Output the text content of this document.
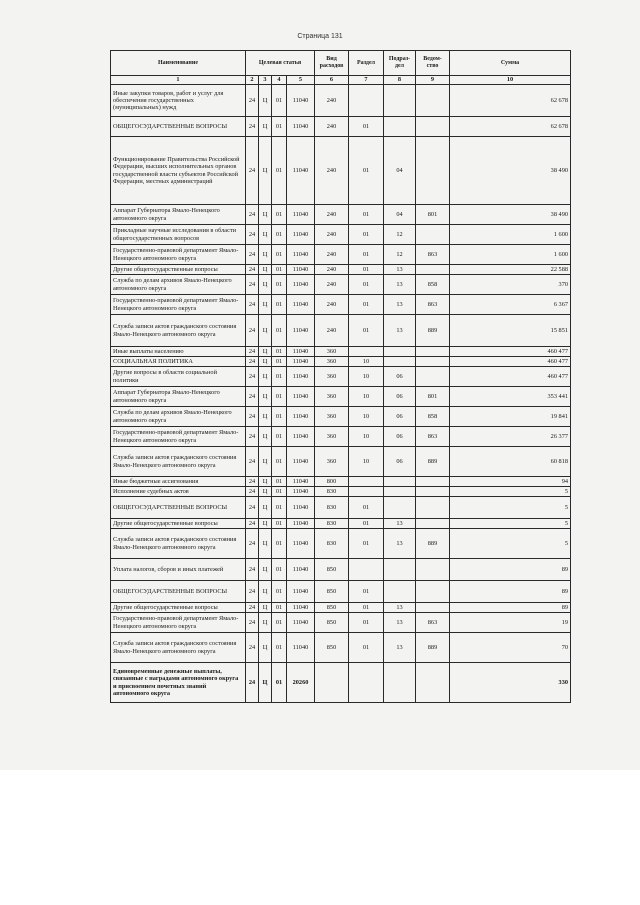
Страница 131
Наименование	Целевая статья				Вид расходов	Раздел	Подраз-дел	Ведом-ство	Сумма
1	2	3	4	5	6	7	8	9	10
Иные закупки товаров, работ и услуг для обеспечения государственных (муниципальных) нужд	24	Ц	01	11040	240				62 678
ОБЩЕГОСУДАРСТВЕННЫЕ ВОПРОСЫ	24	Ц	01	11040	240	01			62 678
Функционирование Правительства Российской Федерации, высших исполнительных органов государственной власти субъектов Российской Федерации, местных администраций	24	Ц	01	11040	240	01	04		38 490
Аппарат Губернатора Ямало-Ненецкого автономного округа	24	Ц	01	11040	240	01	04	801	38 490
Прикладные научные исследования в области общегосударственных вопросов	24	Ц	01	11040	240	01	12		1 600
Государственно-правовой департамент Ямало-Ненецкого автономного округа	24	Ц	01	11040	240	01	12	863	1 600
Другие общегосударственные вопросы	24	Ц	01	11040	240	01	13		22 588
Служба по делам архивов Ямало-Ненецкого автономного округа	24	Ц	01	11040	240	01	13	858	370
Государственно-правовой департамент Ямало-Ненецкого автономного округа	24	Ц	01	11040	240	01	13	863	6 367
Служба записи актов гражданского состояния Ямало-Ненецкого автономного округа	24	Ц	01	11040	240	01	13	889	15 851
Иные выплаты населению	24	Ц	01	11040	360				460 477
СОЦИАЛЬНАЯ ПОЛИТИКА	24	Ц	01	11040	360	10			460 477
Другие вопросы в области социальной политики	24	Ц	01	11040	360	10	06		460 477
Аппарат Губернатора Ямало-Ненецкого автономного округа	24	Ц	01	11040	360	10	06	801	353 441
Служба по делам архивов Ямало-Ненецкого автономного округа	24	Ц	01	11040	360	10	06	858	19 841
Государственно-правовой департамент Ямало-Ненецкого автономного округа	24	Ц	01	11040	360	10	06	863	26 377
Служба записи актов гражданского состояния Ямало-Ненецкого автономного округа	24	Ц	01	11040	360	10	06	889	60 818
Иные бюджетные ассигнования	24	Ц	01	11040	800				94
Исполнение судебных актов	24	Ц	01	11040	830				5
ОБЩЕГОСУДАРСТВЕННЫЕ ВОПРОСЫ	24	Ц	01	11040	830	01			5
Другие общегосударственные вопросы	24	Ц	01	11040	830	01	13		5
Служба записи актов гражданского состояния Ямало-Ненецкого автономного округа	24	Ц	01	11040	830	01	13	889	5
Уплата налогов, сборов и иных платежей	24	Ц	01	11040	850				89
ОБЩЕГОСУДАРСТВЕННЫЕ ВОПРОСЫ	24	Ц	01	11040	850	01			89
Другие общегосударственные вопросы	24	Ц	01	11040	850	01	13		89
Государственно-правовой департамент Ямало-Ненецкого автономного округа	24	Ц	01	11040	850	01	13	863	19
Служба записи актов гражданского состояния Ямало-Ненецкого автономного округа	24	Ц	01	11040	850	01	13	889	70
Единовременные денежные выплаты, связанные с наградами автономного округа и присвоением почетных званий автономного округа	24	Ц	01	20260					330
